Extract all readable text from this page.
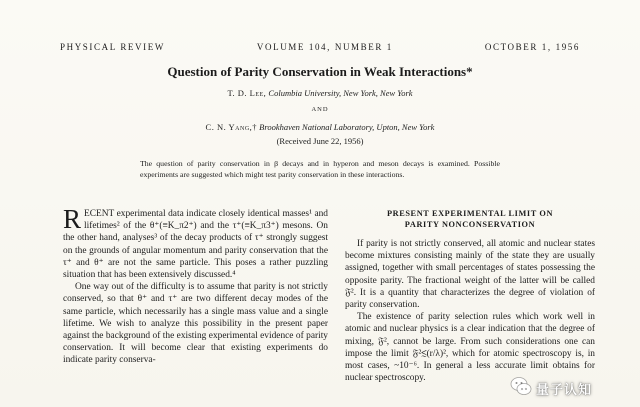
PHYSICAL REVIEW	VOLUME 104, NUMBER 1	OCTOBER 1, 1956
Question of Parity Conservation in Weak Interactions*
T. D. Lee, Columbia University, New York, New York
AND
C. N. Yang,† Brookhaven National Laboratory, Upton, New York
(Received June 22, 1956)
The question of parity conservation in β decays and in hyperon and meson decays is examined. Possible experiments are suggested which might test parity conservation in these interactions.

RECENT experimental data indicate closely identical masses¹ and lifetimes² of the θ⁺(≡K_π2⁺) and the τ⁺(≡K_π3⁺) mesons. On the other hand, analyses³ of the decay products of τ⁺ strongly suggest on the grounds of angular momentum and parity conservation that the τ⁺ and θ⁺ are not the same particle. This poses a rather puzzling situation that has been extensively discussed.⁴

One way out of the difficulty is to assume that parity is not strictly conserved, so that θ⁺ and τ⁺ are two different decay modes of the same particle, which necessarily has a single mass value and a single lifetime. We wish to analyze this possibility in the present paper against the background of the existing experimental evidence of parity conservation. It will become clear that existing experiments do indicate parity conserva-

PRESENT EXPERIMENTAL LIMIT ON
PARITY NONCONSERVATION

If parity is not strictly conserved, all atomic and nuclear states become mixtures consisting mainly of the state they are usually assigned, together with small percentages of states possessing the opposite parity. The fractional weight of the latter will be called 𝔉². It is a quantity that characterizes the degree of violation of parity conservation.

The existence of parity selection rules which work well in atomic and nuclear physics is a clear indication that the degree of mixing, 𝔉², cannot be large. From such considerations one can impose the limit 𝔉²≲(r/λ)², which for atomic spectroscopy is, in most cases, ~10⁻⁶. In general a less accurate limit obtains for nuclear spectroscopy.

量子认知
